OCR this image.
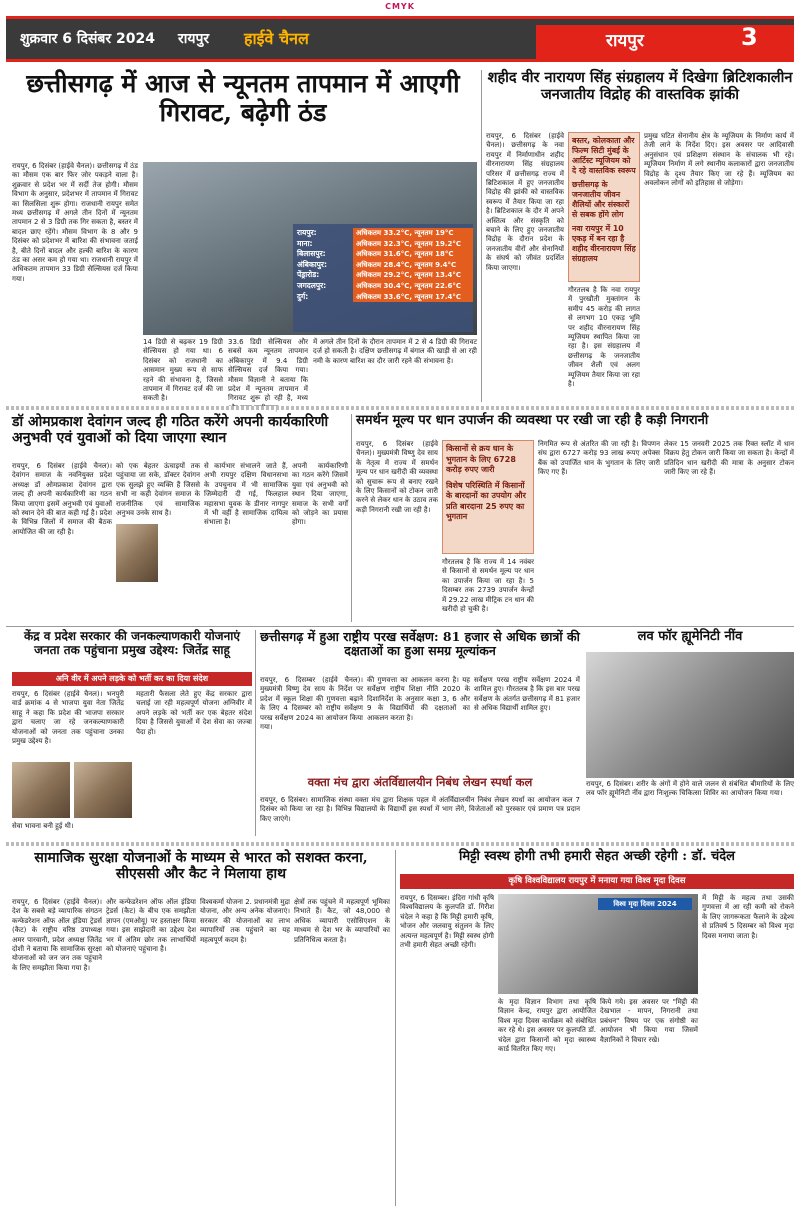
CMYK
शुक्रवार 6 दिसंबर 2024 रायपुर हाईवे चैनल	रायपुर	3
छत्तीसगढ़ में आज से न्यूनतम तापमान में आएगी गिरावट, बढ़ेगी ठंड
रायपुर, 6 दिसंबर (हाईवे चैनल)। छत्तीसगढ़ में ठंड का मौसम एक बार फिर जोर पकड़ने वाला है। शुक्रवार से प्रदेश भर में सर्दी तेज होगी। मौसम विभाग के अनुसार, प्रदेशभर में तापमान में गिरावट का सिलसिला शुरू होगा। राजधानी रायपुर समेत मध्य छत्तीसगढ़ में अगले तीन दिनों में न्यूनतम तापमान 2 से 3 डिग्री तक गिर सकता है, बस्तर में बादल छाए रहेंगे। मौसम विभाग के 8 और 9 दिसंबर को प्रदेशभर में बारिश की संभावना जताई है, बीते दिनों बादल और हल्की बारिश के कारण ठंड का असर कम हो गया था। राजधानी रायपुर में अधिकतम तापमान 33 डिग्री सेल्सियस दर्ज किया गया।
रायपुर:
माना:
बिलासपुर:
अंबिकापुर:
पेंड्रारोड:
जगदलपुर:
दुर्ग:
अधिकतम 33.2°C, न्यूनतम 19°C
अधिकतम 32.3°C, न्यूनतम 19.2°C
अधिकतम 31.6°C, न्यूनतम 18°C
अधिकतम 28.4°C, न्यूनतम 9.4°C
अधिकतम 29.2°C, न्यूनतम 13.4°C
अधिकतम 30.4°C, न्यूनतम 22.6°C
अधिकतम 33.6°C, न्यूनतम 17.4°C
14 डिग्री से बढ़कर 19 डिग्री सेल्सियस हो गया था। 6 दिसंबर को राजधानी का आसमान मुख्य रूप से साफ रहने की संभावना है, जिससे तापमान में गिरावट दर्ज की जा सकती है।
33.6 डिग्री सेल्सियस और सबसे कम न्यूनतम तापमान अंबिकापुर में 9.4 डिग्री सेल्सियस दर्ज किया गया। मौसम विज्ञानी ने बताया कि प्रदेश में न्यूनतम तापमान में गिरावट शुरू हो रही है, मध्य
में अगले तीन दिनों के दौरान तापमान में 2 से 4 डिग्री की गिरावट दर्ज हो सकती है। दक्षिण छत्तीसगढ़ में बंगाल की खाड़ी से आ रही नमी के कारण बारिश का दौर जारी रहने की संभावना है।
शहीद वीर नारायण सिंह संग्रहालय में दिखेगा ब्रिटिशकालीन जनजातीय विद्रोह की वास्तविक झांकी
रायपुर, 6 दिसंबर (हाईवे चैनल)। छत्तीसगढ़ के नवा रायपुर में निर्माणाधीन शहीद वीरनारायण सिंह संग्रहालय परिसर में छत्तीसगढ़ राज्य में ब्रिटिशकाल में हुए जनजातीय विद्रोह की झांकी को वास्तविक स्वरूप में तैयार किया जा रहा है। ब्रिटिशकाल के दौर में अपने अस्तित्व और संस्कृति को बचाने के लिए हुए जनजातीय विद्रोह के दौरान प्रदेश के जनजातीय वीरों और सेनानियों के संघर्ष को जीवंत प्रदर्शित किया जाएगा।
बस्तर, कोलकाता और फिल्म सिटी मुंबई के आर्टिस्ट म्यूजियम को दे रहे वास्तविक स्वरूप
छत्तीसगढ़ के जनजातीय जीवन शैलियों और संस्कारों से सबक होंगे लोग
नवा रायपुर में 10 एकड़ में बन रहा है शहीद वीरनारायण सिंह संग्रहालय
गौरतलब है कि नवा रायपुर में पुरखौती मुक्तांगन के समीप 45 करोड़ की लागत से लगभग 10 एकड़ भूमि पर शहीद वीरनारायण सिंह म्यूजियम स्थापित किया जा रहा है। इस संग्रहालय में छत्तीसगढ़ के जनजातीय जीवन शैली एवं अलग म्यूजियम तैयार किया जा रहा है।
प्रमुख घटित सेनानीय क्षेत्र के म्यूजियम के निर्माण कार्य में तेजी लाने के निर्देश दिए। इस अवसर पर आदिवासी अनुसंधान एवं प्रशिक्षण संस्थान के संचालक भी रहे। म्यूजियम निर्माण में लगे स्थानीय कलाकारों द्वारा जनजातीय विद्रोह के दृश्य तैयार किए जा रहे हैं। म्यूजियम का अवलोकन लोगों को इतिहास से जोड़ेगा।
डॉ ओमप्रकाश देवांगन जल्द ही गठित करेंगे अपनी कार्यकारिणी अनुभवी एवं युवाओं को दिया जाएगा स्थान
रायपुर, 6 दिसंबर (हाईवे चैनल)। देवांगन समाज के नवनियुक्त प्रदेश अध्यक्ष डॉ ओमप्रकाश देवांगन द्वारा जल्द ही अपनी कार्यकारिणी का गठन किया जाएगा इसमें अनुभवी एवं युवाओं को स्थान देने की बात कही गई है। प्रदेश के विभिन्न जिलों में समाज की बैठक आयोजित की जा रही है।
को एक बेहतर ऊंचाइयों तक पहुंचाया जा सके, डॉक्टर देवांगन एक सुलझे हुए व्यक्ति हैं जिससे सभी ना कही देवांगन समाज के राजनीतिक एवं सामाजिक अनुभव उनके साथ है।
से कार्यभार संभालने जाते हैं, अभी रायपुर दक्षिण विधानसभा के उपचुनाव में भी सामाजिक जिम्मेदारी दी गई, फिलहाल महासभा युवक के डीनार नागपुर में भी वहीं है सामाजिक दायित्व संभाला है।
अपनी कार्यकारिणी का गठन करेंगे जिसमें युवा एवं अनुभवी को स्थान दिया जाएगा, समाज के सभी वर्गों को जोड़ने का प्रयास होगा।
समर्थन मूल्य पर धान उपार्जन की व्यवस्था पर रखी जा रही है कड़ी निगरानी
रायपुर, 6 दिसंबर (हाईवे चैनल)। मुख्यमंत्री विष्णु देव साय के नेतृत्व में राज्य में समर्थन मूल्य पर धान खरीदी की व्यवस्था को सुचारू रूप से बनाए रखने के लिए किसानों को टोकन जारी करने से लेकर धान के उठाव तक कड़ी निगरानी रखी जा रही है।
किसानों से क्रय धान के भुगतान के लिए 6728 करोड़ रुपए जारी
विशेष परिस्थिति में किसानों के बारदानों का उपयोग और प्रति बारदाना 25 रुपए का भुगतान
गौरतलब है कि राज्य में 14 नवंबर से किसानों से समर्थन मूल्य पर धान का उपार्जन किया जा रहा है। 5 दिसम्बर तक 2739 उपार्जन केन्द्रों में 29.22 लाख मीट्रिक टन धान की खरीदी हो चुकी है।
निगमित रूप से अंतरित की जा रही है। विपणन संघ द्वारा 6727 करोड़ 93 लाख रूपए अपेक्स बैंक को उपार्जित धान के भुगतान के लिए जारी किए गए हैं।
लेकर 15 जनवरी 2025 तक रिक्त स्लॉट में धान विक्रय हेतु टोकन जारी किया जा सकता है। केन्द्रों में प्रतिदिन धान खरीदी की मात्रा के अनुसार टोकन जारी किए जा रहे हैं।
केंद्र व प्रदेश सरकार की जनकल्याणकारी योजनाएं जनता तक पहुंचाना प्रमुख उद्देश्य: जितेंद्र साहू
अनि वीर में अपने लड़के को भर्ती कर का दिया संदेश
रायपुर, 6 दिसंबर (हाईवे चैनल)। भनपुरी वार्ड क्रमांक 4 से भाजपा युवा नेता जितेंद्र साहू ने कहा कि प्रदेश की भाजपा सरकार द्वारा चलाए जा रहे जनकल्याणकारी योजनाओं को जनता तक पहुंचाना उनका प्रमुख उद्देश्य है।
महतारी फैसला लेते हुए केंद्र सरकार द्वारा चलाई जा रही महत्वपूर्ण योजना अग्निवीर में अपने लड़के को भर्ती कर एक बेहतर संदेश दिया है जिससे युवाओं में देश सेवा का जज्बा पैदा हो।
सेवा भावना बनी हुई थी।
छत्तीसगढ़ में हुआ राष्ट्रीय परख सर्वेक्षण: 81 हजार से अधिक छात्रों की दक्षताओं का हुआ समग्र मूल्यांकन
रायपुर, 6 दिसम्बर (हाईवे चैनल)। मुख्यमंत्री विष्णु देव साय के निर्देश पर प्रदेश में स्कूल शिक्षा की गुणवत्ता बढ़ाने के लिए 4 दिसम्बर को राष्ट्रीय सर्वेक्षण परख सर्वेक्षण 2024 का आयोजन किया गया।
की गुणवत्ता का आकलन करना है। यह सर्वेक्षण राष्ट्रीय शिक्षा नीति 2020 के दिशानिर्देश के अनुसार कक्षा 3, 6 और 9 के विद्यार्थियों की दक्षताओं का आकलन करता है।
सर्वेक्षण परख राष्ट्रीय सर्वेक्षण 2024 में शामिल हुए। गौरतलब है कि इस बार परख सर्वेक्षण के अंतर्गत छत्तीसगढ़ में 81 हजार से अधिक विद्यार्थी शामिल हुए।
लव फॉर ह्यूमेनिटी नींव
रायपुर, 6 दिसंबर। शरीर के अंगों में होने वाले जलन से संबंधित बीमारियों के लिए लव फॉर ह्यूमेनिटी नींव द्वारा निःशुल्क चिकित्सा शिविर का आयोजन किया गया।
वक्ता मंच द्वारा अंतर्विद्यालयीन निबंध लेखन स्पर्धा कल
रायपुर, 6 दिसंबर। सामाजिक संस्था वक्ता मंच द्वारा शिक्षक पहल में अंतर्विद्यालयीन निबंध लेखन स्पर्धा का आयोजन कल 7 दिसंबर को किया जा रहा है। विभिन्न विद्यालयों के विद्यार्थी इस स्पर्धा में भाग लेंगे, विजेताओं को पुरस्कार एवं प्रमाण पत्र प्रदान किए जाएंगे।
सामाजिक सुरक्षा योजनाओं के माध्यम से भारत को सशक्त करना, सीएससी और कैट ने मिलाया हाथ
रायपुर, 6 दिसंबर (हाईवे चैनल)। देश के सबसे बड़े व्यापारिक संगठन कन्फेडरेशन ऑफ ऑल इंडिया ट्रेडर्स (कैट) के राष्ट्रीय वरिष्ठ उपाध्यक्ष अमर पारवानी, प्रदेश अध्यक्ष जितेंद्र दोशी ने बताया कि सामाजिक सुरक्षा योजनाओं को जन जन तक पहुंचाने के लिए समझौता किया गया है।
और कन्फेडरेशन ऑफ ऑल इंडिया ट्रेडर्स (कैट) के बीच एक समझौता ज्ञापन (एमओयू) पर हस्ताक्षर किया गया। इस साझेदारी का उद्देश्य देश भर में अंतिम छोर तक लाभार्थियों को योजनाएं पहुंचाना है।
विश्वकर्मा योजना 2. प्रधानमंत्री मुद्रा योजना, और अन्य अनेक योजनाएं। सरकार की योजनाओं का लाभ व्यापारियों तक पहुंचाने का यह महत्वपूर्ण कदम है।
क्षेत्रों तक पहुंचने में महत्वपूर्ण भूमिका निभाते हैं। कैट, जो 48,000 से अधिक व्यापारी एसोसिएशन के माध्यम से देश भर के व्यापारियों का प्रतिनिधित्व करता है।
मिट्टी स्वस्थ होगी तभी हमारी सेहत अच्छी रहेगी : डॉ. चंदेल
कृषि विश्वविद्यालय रायपुर में मनाया गया विश्व मृदा दिवस
रायपुर, 6 दिसम्बर। इंदिरा गांधी कृषि विश्वविद्यालय के कुलपति डॉ. गिरीश चंदेल ने कहा है कि मिट्टी हमारी कृषि, भोजन और जलवायु संतुलन के लिए अत्यन्त महत्वपूर्ण है। मिट्टी स्वस्थ होगी तभी हमारी सेहत अच्छी रहेगी।
विश्व मृदा दिवस 2024
के मृदा विज्ञान विभाग तथा कृषि विज्ञान केन्द्र, रायपुर द्वारा आयोजित विश्व मृदा दिवस कार्यक्रम को संबोधित कर रहे थे। इस अवसर पर कुलपति डॉ. चंदेल द्वारा किसानों को मृदा स्वास्थ्य कार्ड वितरित किए गए।
किये गये। इस अवसर पर "मिट्टी की देखभाल - मापन, निगरानी तथा प्रबंधन" विषय पर एक संगोष्ठी का आयोजन भी किया गया जिसमें वैज्ञानिकों ने विचार रखे।
में मिट्टी के महत्व तथा उसकी गुणवत्ता में आ रही कमी को रोकने के लिए जागरूकता फैलाने के उद्देश्य से प्रतिवर्ष 5 दिसम्बर को विश्व मृदा दिवस मनाया जाता है।
